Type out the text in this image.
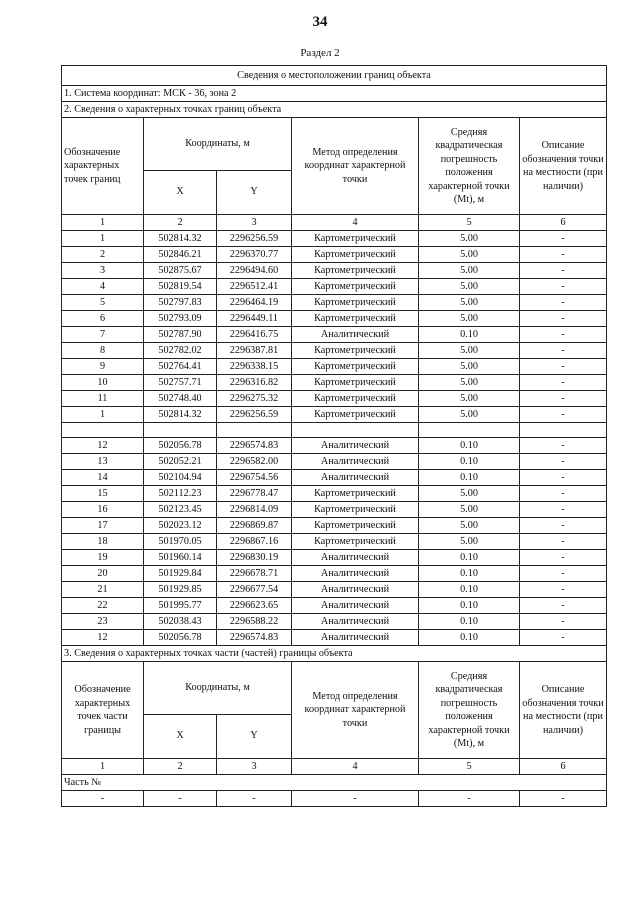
34
Раздел 2
Сведения о местоположении границ объекта					
1. Система координат: МСК - 36, зона 2					
2. Сведения о характерных точках границ объекта					
Обозначение характерных точек границ	Координаты, м		Метод определения координат характерной точки	Средняя квадратическая погрешность положения характерной точки (Mt), м	Описание обозначения точки на местности (при наличии)
	X	Y			
1	2	3	4	5	6
1	502814.32	2296256.59	Картометрический	5.00	-
2	502846.21	2296370.77	Картометрический	5.00	-
3	502875.67	2296494.60	Картометрический	5.00	-
4	502819.54	2296512.41	Картометрический	5.00	-
5	502797.83	2296464.19	Картометрический	5.00	-
6	502793.09	2296449.11	Картометрический	5.00	-
7	502787.90	2296416.75	Аналитический	0.10	-
8	502782.02	2296387.81	Картометрический	5.00	-
9	502764.41	2296338.15	Картометрический	5.00	-
10	502757.71	2296316.82	Картометрический	5.00	-
11	502748.40	2296275.32	Картометрический	5.00	-
1	502814.32	2296256.59	Картометрический	5.00	-

12	502056.78	2296574.83	Аналитический	0.10	-
13	502052.21	2296582.00	Аналитический	0.10	-
14	502104.94	2296754.56	Аналитический	0.10	-
15	502112.23	2296778.47	Картометрический	5.00	-
16	502123.45	2296814.09	Картометрический	5.00	-
17	502023.12	2296869.87	Картометрический	5.00	-
18	501970.05	2296867.16	Картометрический	5.00	-
19	501960.14	2296830.19	Аналитический	0.10	-
20	501929.84	2296678.71	Аналитический	0.10	-
21	501929.85	2296677.54	Аналитический	0.10	-
22	501995.77	2296623.65	Аналитический	0.10	-
23	502038.43	2296588.22	Аналитический	0.10	-
12	502056.78	2296574.83	Аналитический	0.10	-
3. Сведения о характерных точках части (частей) границы объекта					
Обозначение характерных точек части границы	Координаты, м		Метод определения координат характерной точки	Средняя квадратическая погрешность положения характерной точки (Mt), м	Описание обозначения точки на местности (при наличии)
	X	Y			
1	2	3	4	5	6
Часть №					
-	-	-	-	-	-
